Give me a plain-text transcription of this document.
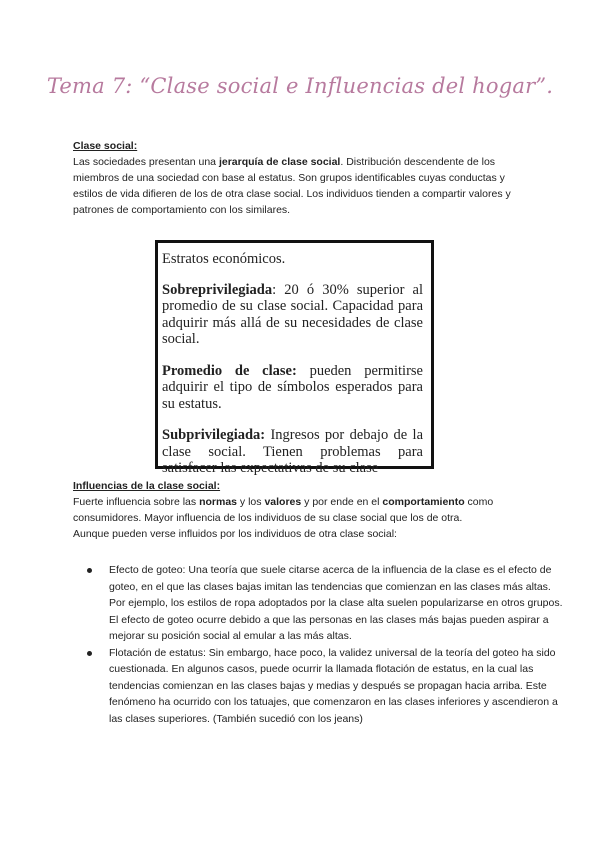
Tema 7: “Clase social e Influencias del hogar”.

Clase social:

Las sociedades presentan una jerarquía de clase social. Distribución descendente de los miembros de una sociedad con base al estatus. Son grupos identificables cuyas conductas y estilos de vida difieren de los de otra clase social. Los individuos tienden a compartir valores y patrones de comportamiento con los similares.

Estratos económicos.

Sobreprivilegiada: 20 ó 30% superior al promedio de su clase social. Capacidad para adquirir más allá de su necesidades de clase social.

Promedio de clase: pueden permitirse adquirir el tipo de símbolos esperados para su estatus.

Subprivilegiada: Ingresos por debajo de la clase social. Tienen problemas para satisfacer las expectativas de su clase

Influencias de la clase social:

Fuerte influencia sobre las normas y los valores y por ende en el comportamiento como consumidores. Mayor influencia de los individuos de su clase social que los de otra.

Aunque pueden verse influidos por los individuos de otra clase social:

Efecto de goteo: Una teoría que suele citarse acerca de la influencia de la clase es el efecto de goteo, en el que las clases bajas imitan las tendencias que comienzan en las clases más altas. Por ejemplo, los estilos de ropa adoptados por la clase alta suelen popularizarse en otros grupos. El efecto de goteo ocurre debido a que las personas en las clases más bajas pueden aspirar a mejorar su posición social al emular a las más altas.
Flotación de estatus: Sin embargo, hace poco, la validez universal de la teoría del goteo ha sido cuestionada. En algunos casos, puede ocurrir la llamada flotación de estatus, en la cual las tendencias comienzan en las clases bajas y medias y después se propagan hacia arriba. Este fenómeno ha ocurrido con los tatuajes, que comenzaron en las clases inferiores y ascendieron a las clases superiores. (También sucedió con los jeans)
